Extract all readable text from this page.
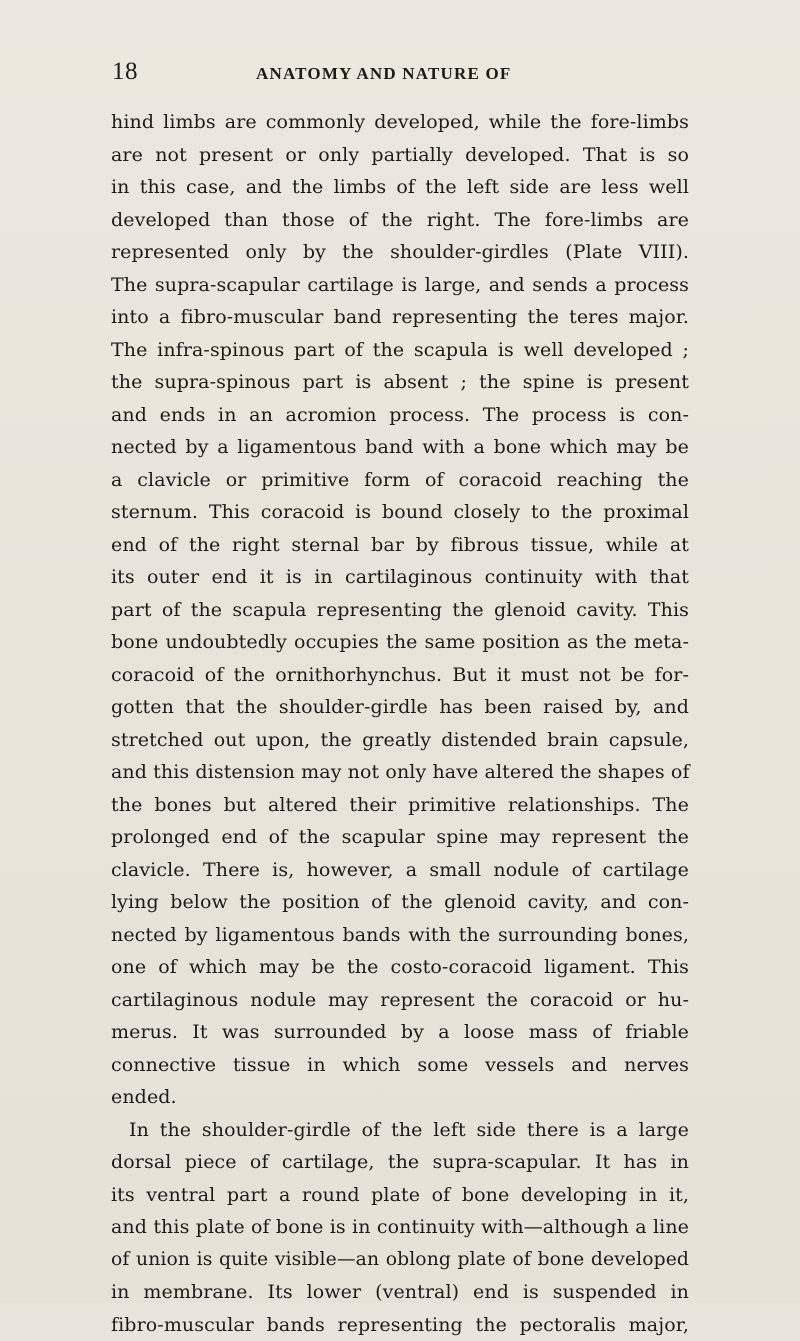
18	ANATOMY AND NATURE OF
hind limbs are commonly developed, while the fore-limbs
are not present or only partially developed. That is so
in this case, and the limbs of the left side are less well
developed than those of the right. The fore-limbs are
represented only by the shoulder-girdles (Plate VIII).
The supra-scapular cartilage is large, and sends a process
into a fibro-muscular band representing the teres major.
The infra-spinous part of the scapula is well developed ;
the supra-spinous part is absent ; the spine is present
and ends in an acromion process. The process is con-
nected by a ligamentous band with a bone which may be
a clavicle or primitive form of coracoid reaching the
sternum. This coracoid is bound closely to the proximal
end of the right sternal bar by fibrous tissue, while at
its outer end it is in cartilaginous continuity with that
part of the scapula representing the glenoid cavity. This
bone undoubtedly occupies the same position as the meta-
coracoid of the ornithorhynchus. But it must not be for-
gotten that the shoulder-girdle has been raised by, and
stretched out upon, the greatly distended brain capsule,
and this distension may not only have altered the shapes of
the bones but altered their primitive relationships. The
prolonged end of the scapular spine may represent the
clavicle. There is, however, a small nodule of cartilage
lying below the position of the glenoid cavity, and con-
nected by ligamentous bands with the surrounding bones,
one of which may be the costo-coracoid ligament. This
cartilaginous nodule may represent the coracoid or hu-
merus. It was surrounded by a loose mass of friable
connective tissue in which some vessels and nerves
ended.
In the shoulder-girdle of the left side there is a large
dorsal piece of cartilage, the supra-scapular. It has in
its ventral part a round plate of bone developing in it,
and this plate of bone is in continuity with—although a line
of union is quite visible—an oblong plate of bone developed
in membrane. Its lower (ventral) end is suspended in
fibro-muscular bands representing the pectoralis major,
